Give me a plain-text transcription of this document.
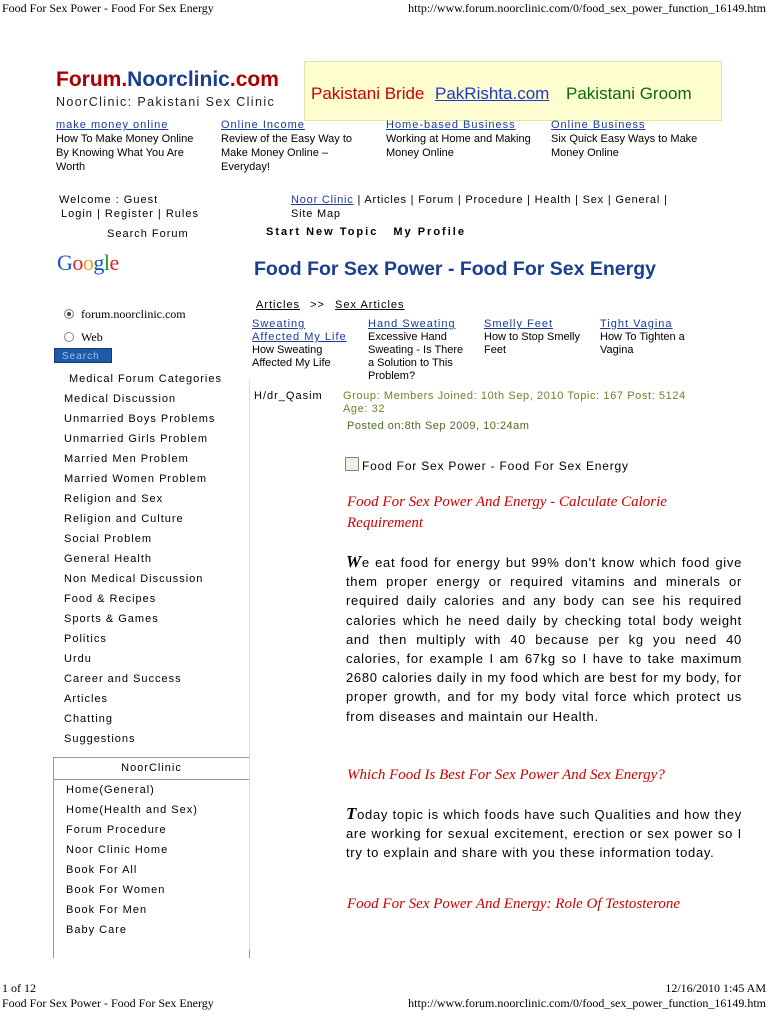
Food For Sex Power - Food For Sex Energy	http://www.forum.noorclinic.com/0/food_sex_power_function_16149.htm
Forum.Noorclinic.com
NoorClinic: Pakistani Sex Clinic Pakistani Bride PakRishta.com Pakistani Groom
make money online
How To Make Money Online
By Knowing What You Are
Worth
Online Income
Review of the Easy Way to
Make Money Online –
Everyday!
Home-based Business
Working at Home and Making
Money Online
Online Business
Six Quick Easy Ways to Make
Money Online
Welcome : Guest
Login | Register | Rules
Search Forum
Google
forum.noorclinic.com
Web
Search
Medical Forum Categories
Medical Discussion
Unmarried Boys Problems
Unmarried Girls Problem
Married Men Problem
Married Women Problem
Religion and Sex
Religion and Culture
Social Problem
General Health
Non Medical Discussion
Food & Recipes
Sports & Games
Politics
Urdu
Career and Success
Articles
Chatting
Suggestions
NoorClinic
Home(General)
Home(Health and Sex)
Forum Procedure
Noor Clinic Home
Book For All
Book For Women
Book For Men
Baby Care
Noor Clinic | Articles | Forum | Procedure | Health | Sex | General |
Site Map
Start New Topic My Profile
Food For Sex Power - Food For Sex Energy
Articles >> Sex Articles
Sweating
Affected My Life
How Sweating
Affected My Life
Hand Sweating
Excessive Hand
Sweating - Is There
a Solution to This
Problem?
Smelly Feet
How to Stop Smelly
Feet
Tight Vagina
How To Tighten a
Vagina
H/dr_Qasim Group: Members Joined: 10th Sep, 2010 Topic: 167 Post: 5124
Age: 32
Posted on:8th Sep 2009, 10:24am
Food For Sex Power - Food For Sex Energy
Food For Sex Power And Energy - Calculate Calorie
Requirement
We eat food for energy but 99% don't know which food give them proper energy or required vitamins and minerals or required daily calories and any body can see his required calories which he need daily by checking total body weight and then multiply with 40 because per kg you need 40 calories, for example I am 67kg so I have to take maximum 2680 calories daily in my food which are best for my body, for proper growth, and for my body vital force which protect us from diseases and maintain our Health.
Which Food Is Best For Sex Power And Sex Energy?
Today topic is which foods have such Qualities and how they are working for sexual excitement, erection or sex power so I try to explain and share with you these information today.
Food For Sex Power And Energy: Role Of Testosterone
1 of 12	12/16/2010 1:45 AM
Food For Sex Power - Food For Sex Energy	http://www.forum.noorclinic.com/0/food_sex_power_function_16149.htm
